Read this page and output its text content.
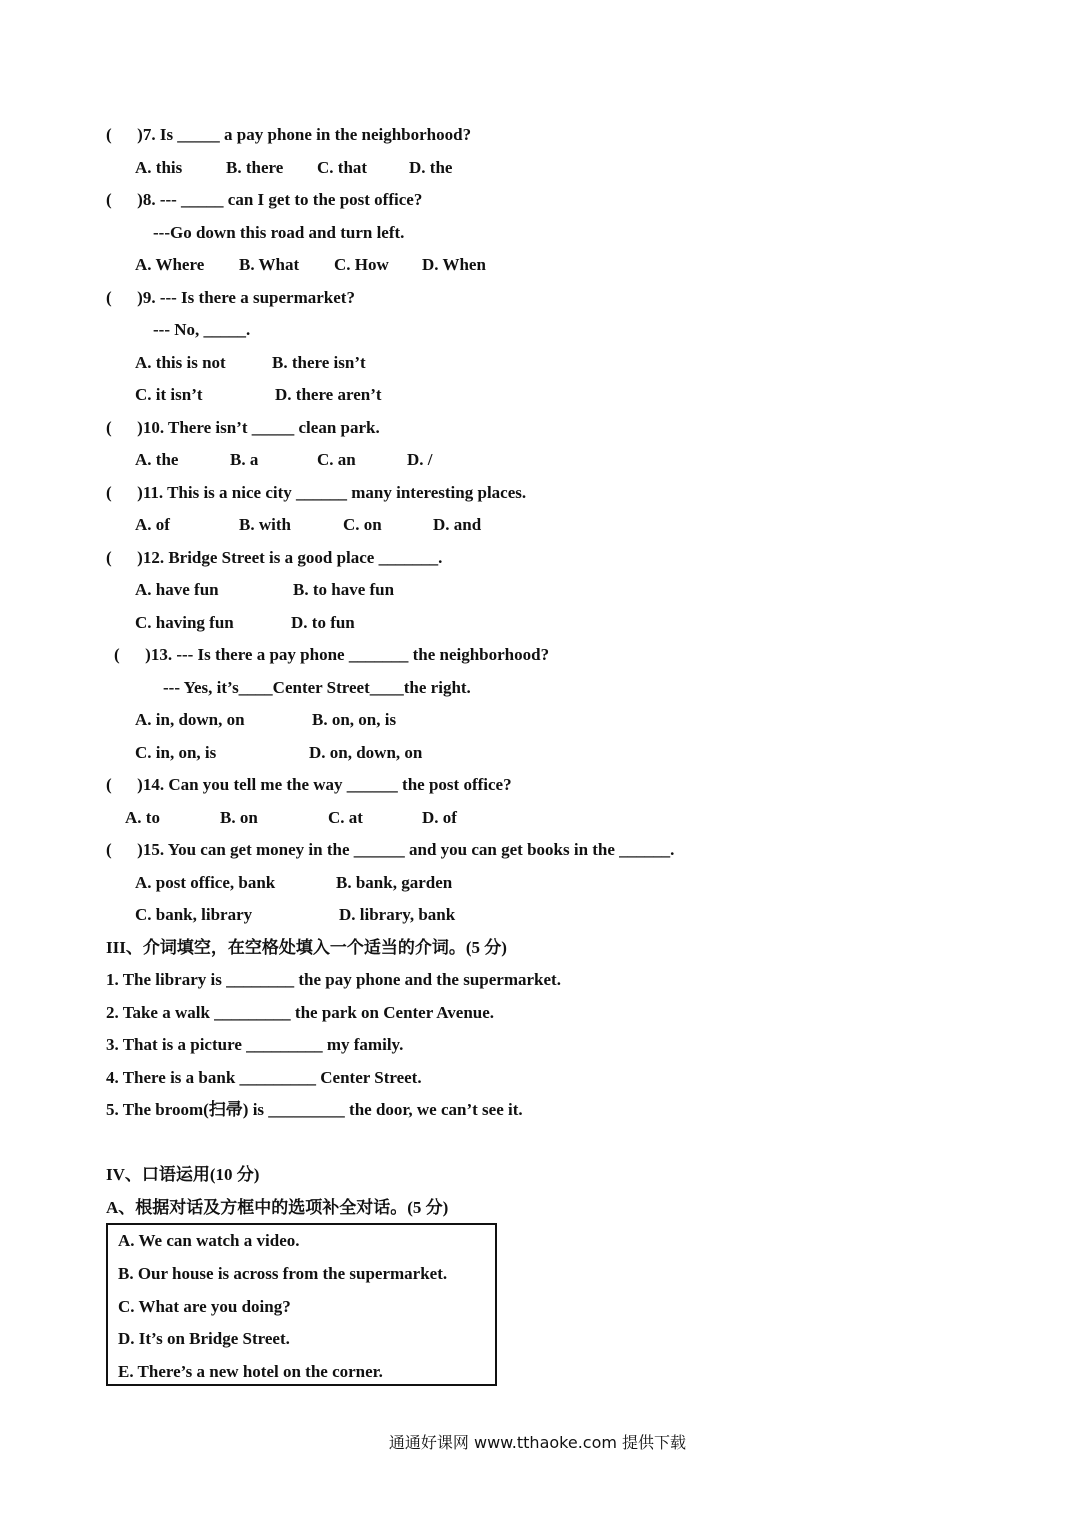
(      )7. Is _____ a pay phone in the neighborhood?
A. this	B. there C. that D. the
(      )8. --- _____ can I get to the post office?
---Go down this road and turn left.
A. Where B. What C. How D. When
(      )9. --- Is there a supermarket?
--- No, _____.
A. this is not	B. there isn’t
C. it isn’t	D. there aren’t
(      )10. There isn’t _____ clean park.
A. the	B. a	C. an	D. /
(      )11. This is a nice city ______ many interesting places.
A. of	B. with	C. on	D. and
(      )12. Bridge Street is a good place _______.
A. have fun	B. to have fun
C. having fun	D. to fun
(      )13. --- Is there a pay phone _______ the neighborhood?
--- Yes, it’s____Center Street____the right.
A. in, down, on	B. on, on, is
C. in, on, is	D. on, down, on
(      )14. Can you tell me the way ______ the post office?
A. to	B. on	C. at	D. of
(      )15. You can get money in the ______ and you can get books in the ______.
A. post office, bank	B. bank, garden
C. bank, library	D. library, bank
III、介词填空，在空格处填入一个适当的介词。(5 分)
1. The library is ________ the pay phone and the supermarket.
2. Take a walk _________ the park on Center Avenue.
3. That is a picture _________ my family.
4. There is a bank _________ Center Street.
5. The broom(扫帚) is _________ the door, we can’t see it.
IV、口语运用(10 分)
A、根据对话及方框中的选项补全对话。(5 分)
A. We can watch a video.
B. Our house is across from the supermarket.
C. What are you doing?
D. It’s on Bridge Street.
E. There’s a new hotel on the corner.
通通好课网 www.tthaoke.com 提供下载
